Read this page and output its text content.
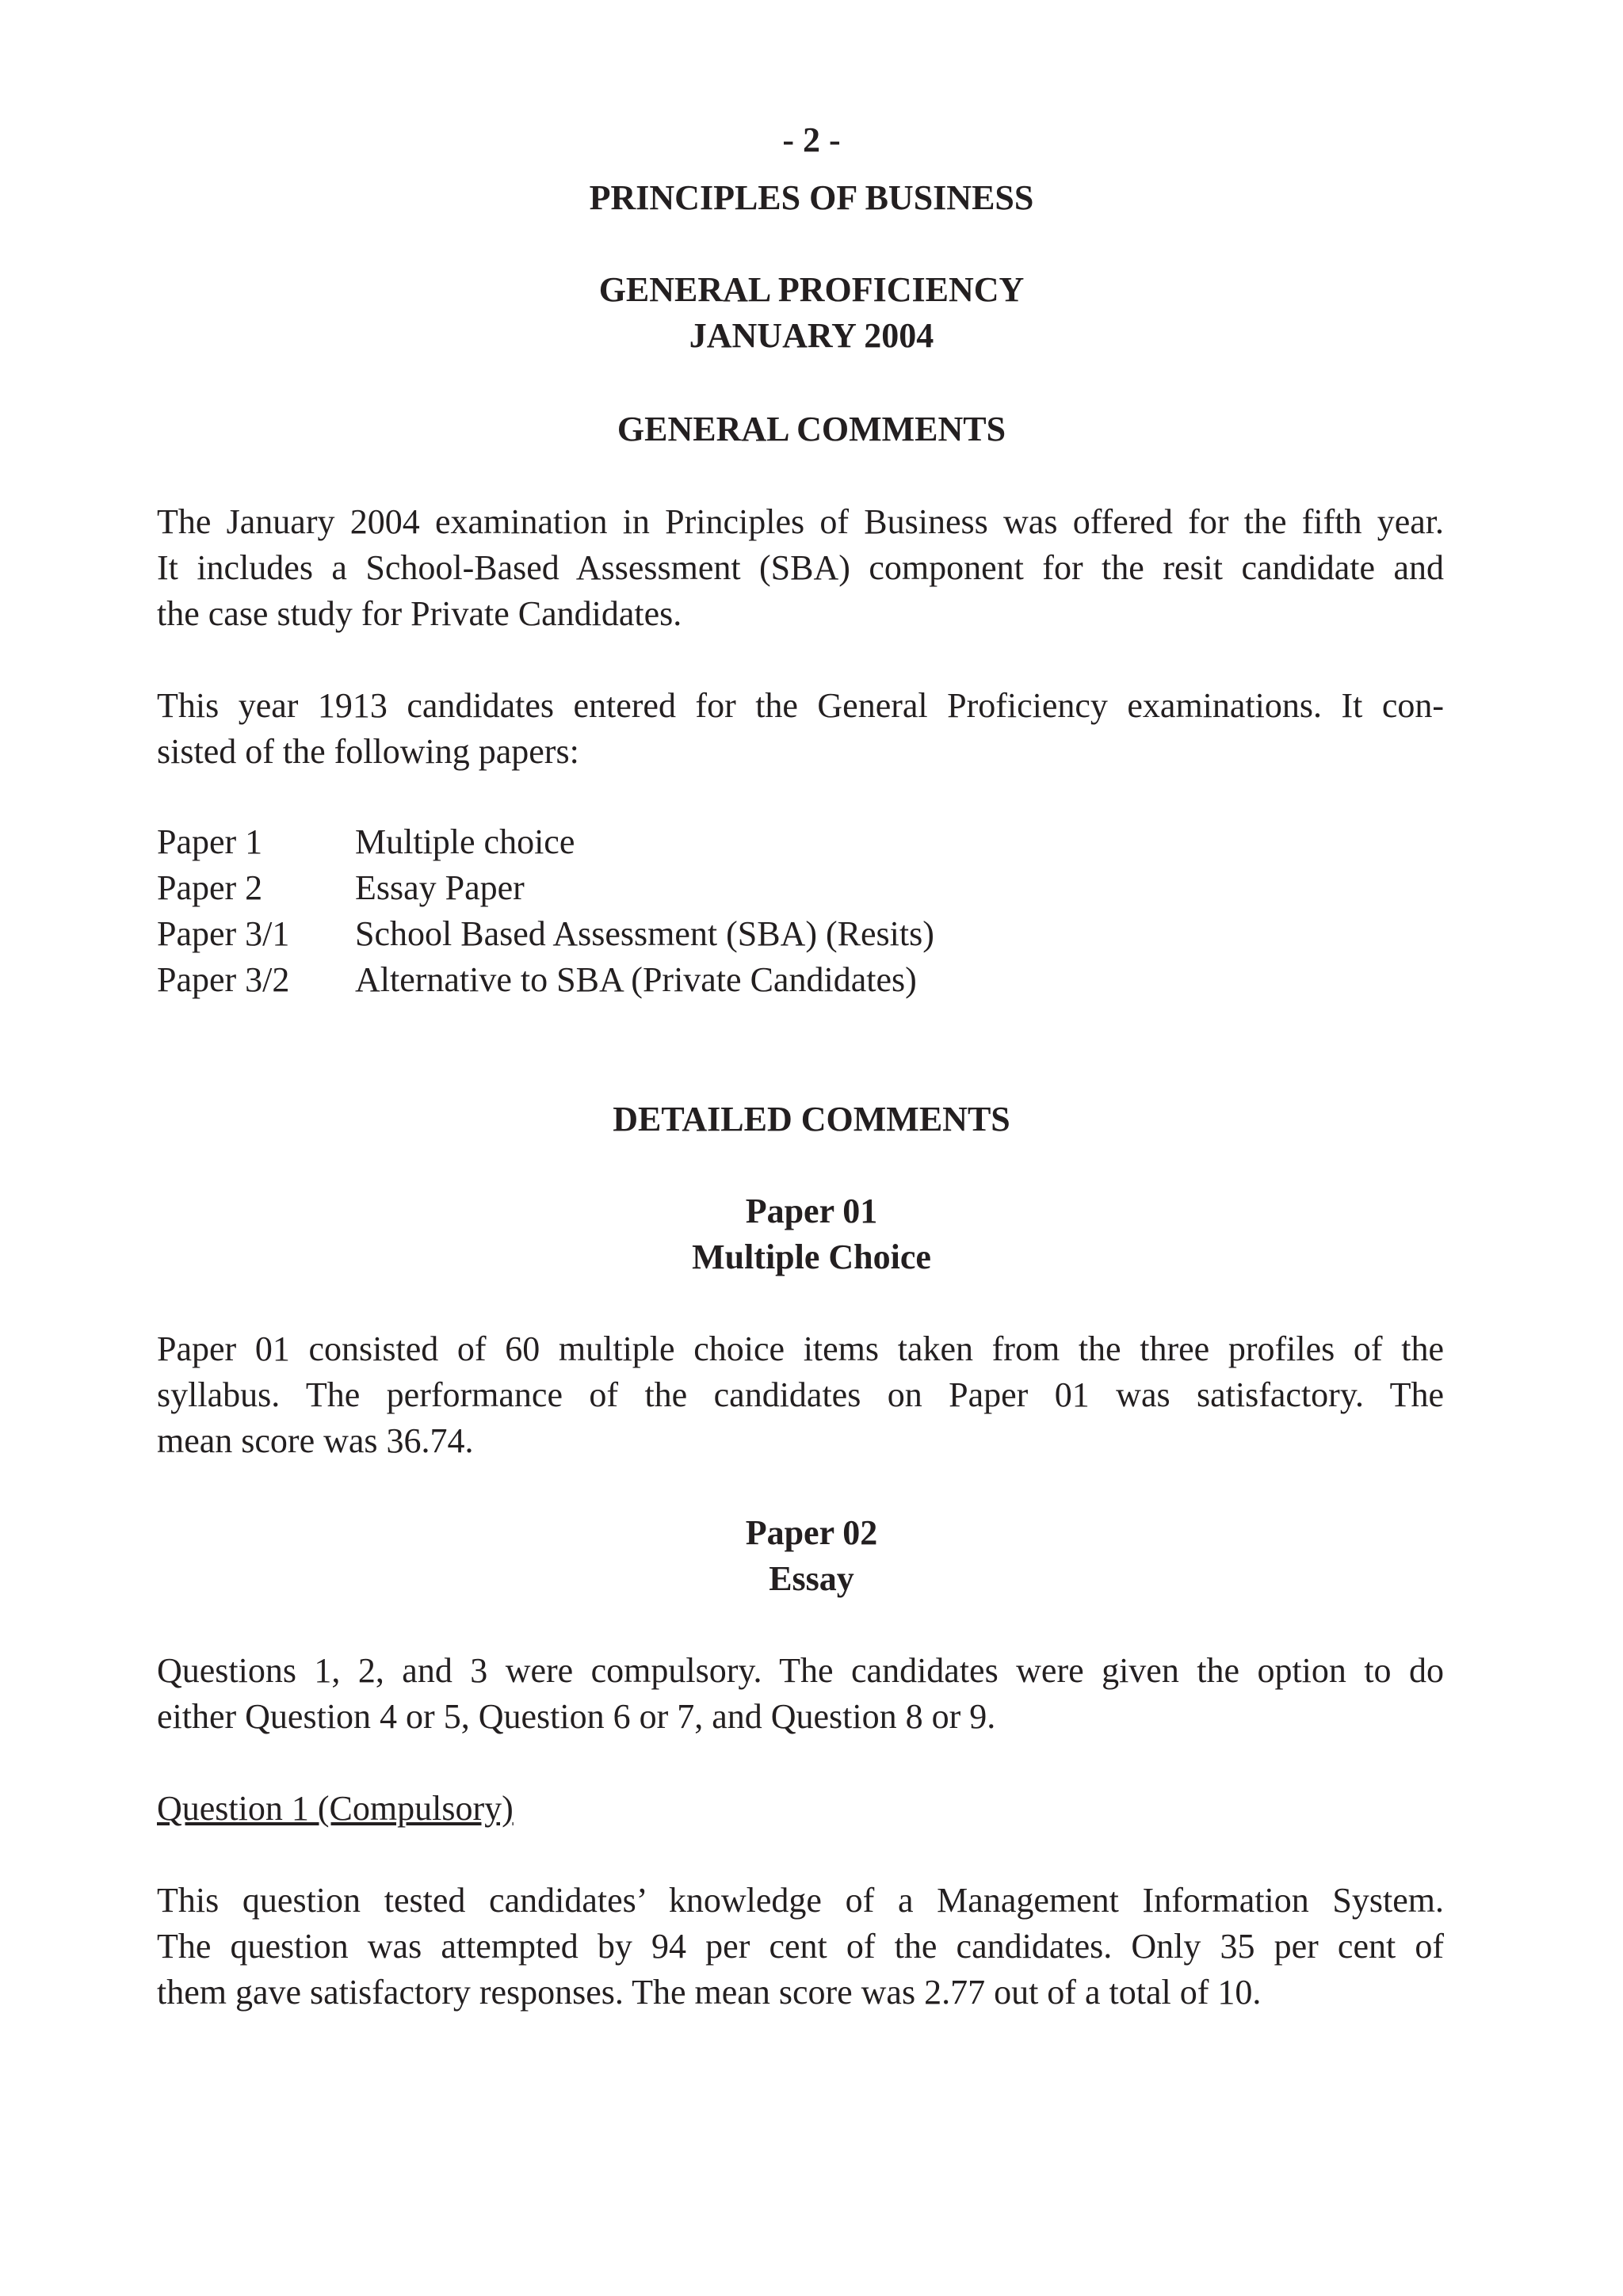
- 2 -
PRINCIPLES OF BUSINESS
GENERAL PROFICIENCY
JANUARY 2004
GENERAL COMMENTS
The January 2004 examination in Principles of Business was offered for the fifth year.
It includes a School-Based Assessment (SBA) component for the resit candidate and
the case study for Private Candidates.
This year 1913 candidates entered for the General Proficiency examinations. It con-
sisted of the following papers:
Paper 1	Multiple choice
Paper 2	Essay Paper
Paper 3/1	School Based Assessment (SBA) (Resits)
Paper 3/2	Alternative to SBA (Private Candidates)
DETAILED COMMENTS
Paper 01
Multiple Choice
Paper 01 consisted of 60 multiple choice items taken from the three profiles of the
syllabus. The performance of the candidates on Paper 01 was satisfactory. The
mean score was 36.74.
Paper 02
Essay
Questions 1, 2, and 3 were compulsory. The candidates were given the option to do
either Question 4 or 5, Question 6 or 7, and Question 8 or 9.
Question 1 (Compulsory)
This question tested candidates’ knowledge of a Management Information System.
The question was attempted by 94 per cent of the candidates. Only 35 per cent of
them gave satisfactory responses. The mean score was 2.77 out of a total of 10.
